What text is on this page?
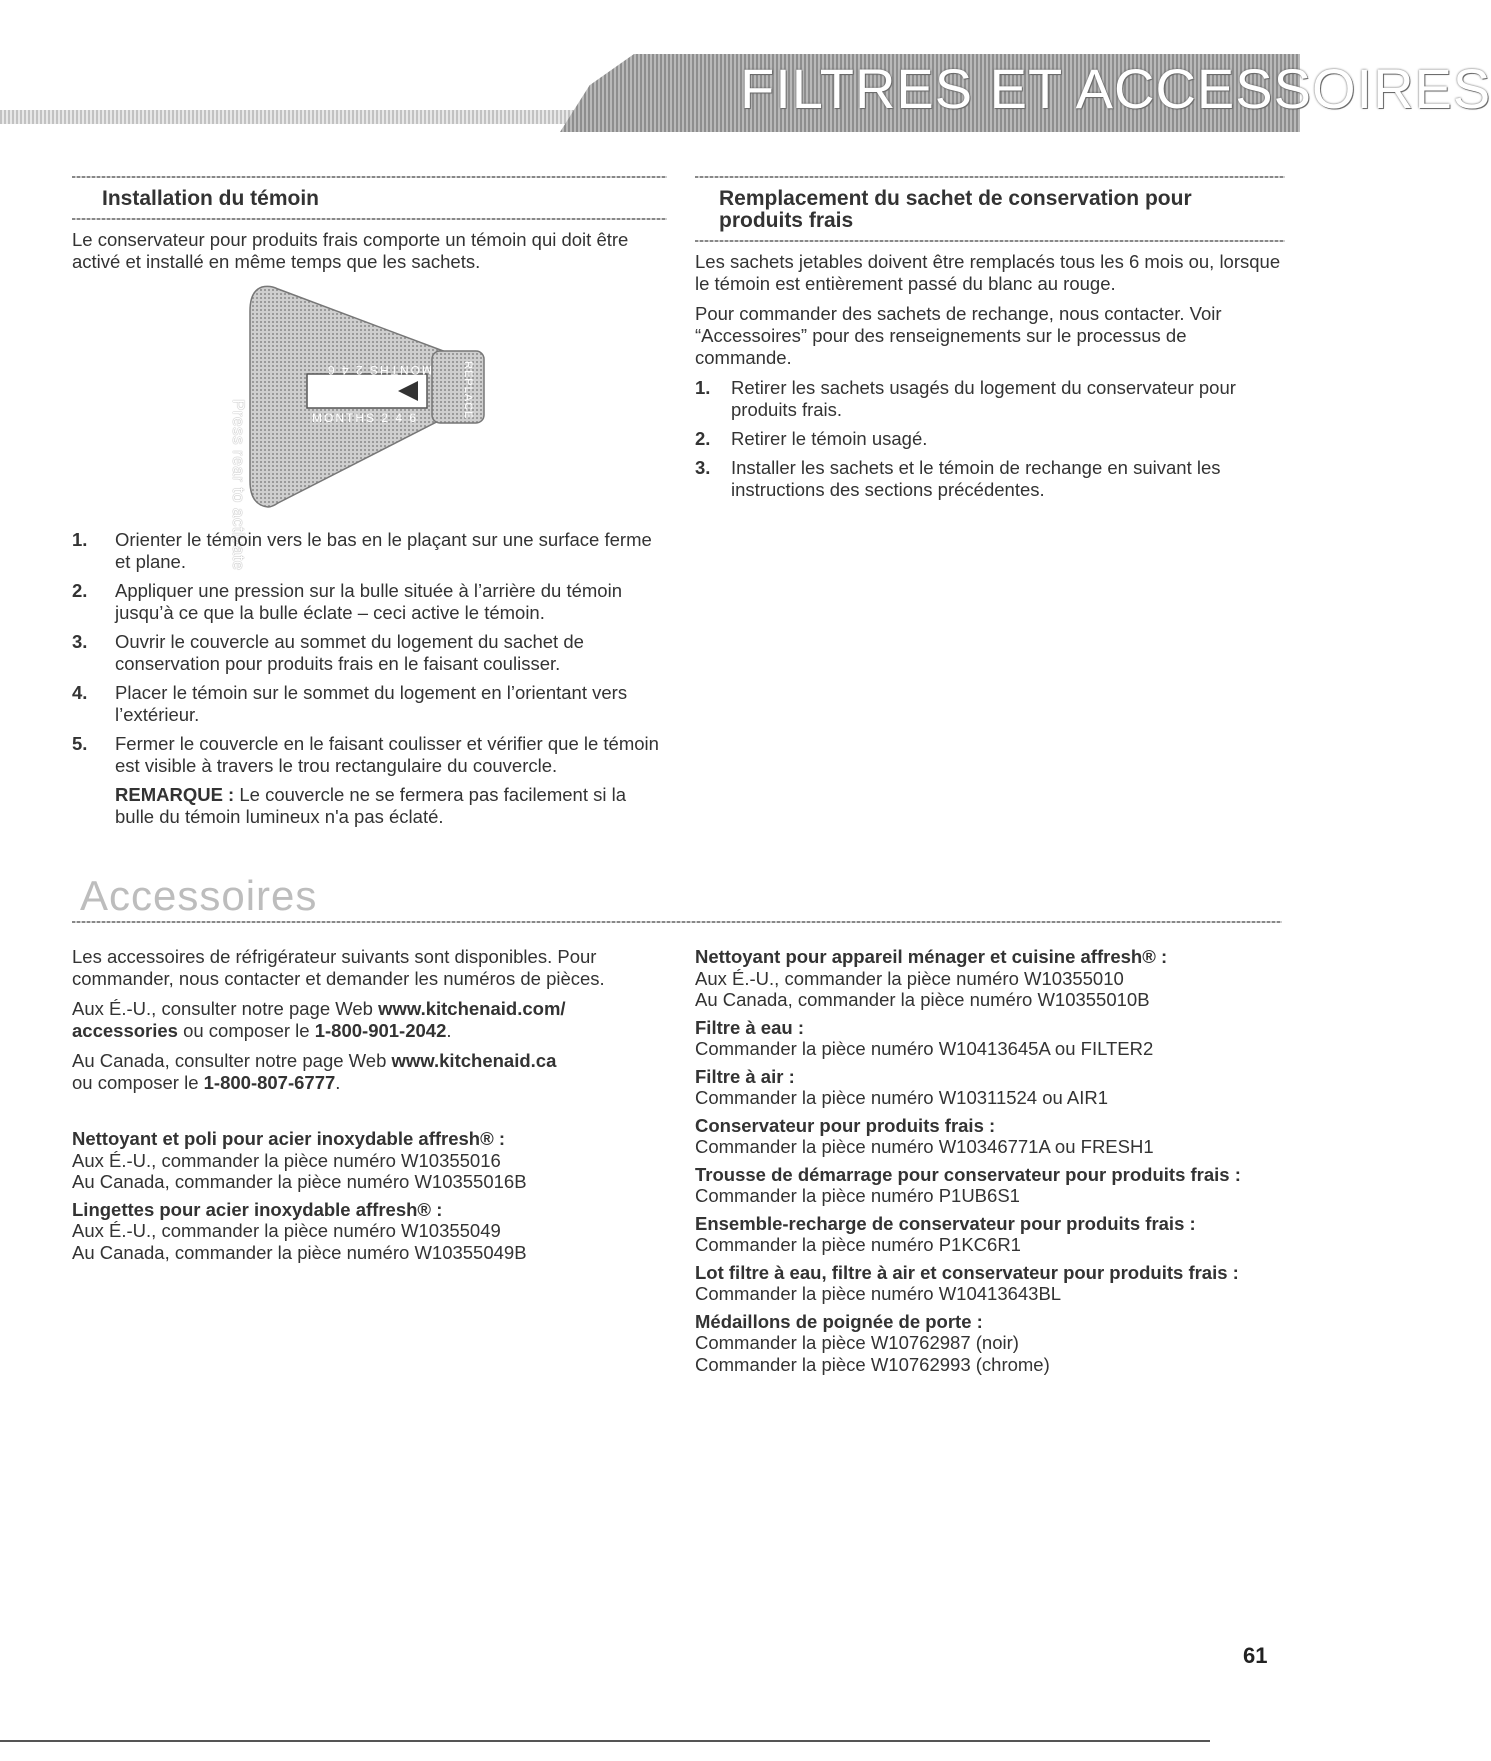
FILTRES ET ACCESSOIRES
Installation du témoin

Le conservateur pour produits frais comporte un témoin qui doit être activé et installé en même temps que les sachets.

Press rear to activate
MONTHS 2 4 6
MONTHS 2 4 6	REPLACE
1. Orienter le témoin vers le bas en le plaçant sur une surface ferme et plane.
2. Appliquer une pression sur la bulle située à l’arrière du témoin jusqu’à ce que la bulle éclate – ceci active le témoin.
3. Ouvrir le couvercle au sommet du logement du sachet de conservation pour produits frais en le faisant coulisser.
4. Placer le témoin sur le sommet du logement en l’orientant vers l’extérieur.
5. Fermer le couvercle en le faisant coulisser et vérifier que le témoin est visible à travers le trou rectangulaire du couvercle.
REMARQUE : Le couvercle ne se fermera pas facilement si la bulle du témoin lumineux n'a pas éclaté.
Remplacement du sachet de conservation pour produits frais

Les sachets jetables doivent être remplacés tous les 6 mois ou, lorsque le témoin est entièrement passé du blanc au rouge.

Pour commander des sachets de rechange, nous contacter. Voir “Accessoires” pour des renseignements sur le processus de commande.

1. Retirer les sachets usagés du logement du conservateur pour produits frais.
2. Retirer le témoin usagé.
3. Installer les sachets et le témoin de rechange en suivant les instructions des sections précédentes.
Accessoires

Les accessoires de réfrigérateur suivants sont disponibles. Pour commander, nous contacter et demander les numéros de pièces.

Aux É.-U., consulter notre page Web www.kitchenaid.com/ accessories ou composer le 1-800-901-2042.

Au Canada, consulter notre page Web www.kitchenaid.ca
ou composer le 1-800-807-6777.

Nettoyant et poli pour acier inoxydable affresh® :
Aux É.-U., commander la pièce numéro W10355016
Au Canada, commander la pièce numéro W10355016B
Lingettes pour acier inoxydable affresh® :
Aux É.-U., commander la pièce numéro W10355049
Au Canada, commander la pièce numéro W10355049B
Nettoyant pour appareil ménager et cuisine affresh® :
Aux É.-U., commander la pièce numéro W10355010
Au Canada, commander la pièce numéro W10355010B
Filtre à eau :
Commander la pièce numéro W10413645A ou FILTER2
Filtre à air :
Commander la pièce numéro W10311524 ou AIR1
Conservateur pour produits frais :
Commander la pièce numéro W10346771A ou FRESH1
Trousse de démarrage pour conservateur pour produits frais :
Commander la pièce numéro P1UB6S1
Ensemble-recharge de conservateur pour produits frais :
Commander la pièce numéro P1KC6R1
Lot filtre à eau, filtre à air et conservateur pour produits frais :
Commander la pièce numéro W10413643BL
Médaillons de poignée de porte :
Commander la pièce W10762987 (noir)
Commander la pièce W10762993 (chrome)
61
